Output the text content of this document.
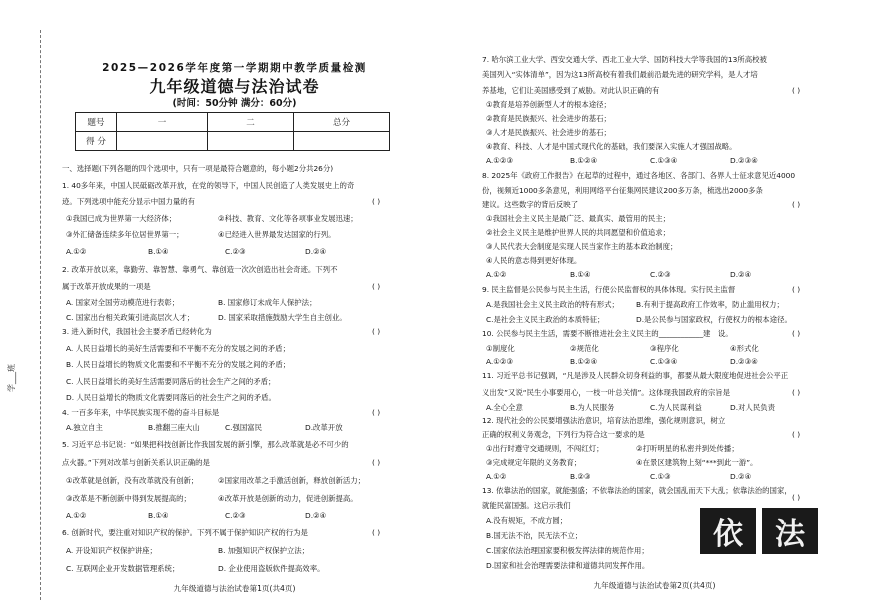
学___班
2025—2026学年度第一学期期中教学质量检测
九年级道德与法治试卷
(时间：50分钟 满分：60分)
题号	一	二	总分
得 分			
一、选择题(下列各题的四个选项中，只有一项是最符合题意的，每小题2分共26分)
1. 40多年来，中国人民砥砺改革开放，在党的领导下，中国人民创造了人类发展史上的奇
迹。下列选项中能充分显示中国力量的有	( )
①我国已成为世界第一大经济体；	②科技、教育、文化等各项事业发展迅速；
③外汇储备连续多年位居世界第一；	④已经进入世界最发达国家的行列。
A.①②	B.①④	C.②③	D.②④
2. 改革开放以来，靠勤劳、靠智慧、靠勇气、靠创造一次次创造出社会奇迹。下列不
属于改革开放成果的一项是	( )
A. 国家对全国劳动模范进行表彰；	B. 国家修订未成年人保护法；
C. 国家出台相关政策引进高层次人才；	D. 国家采取措施鼓励大学生自主创业。
3. 进入新时代，我国社会主要矛盾已经转化为	( )
A. 人民日益增长的美好生活需要和不平衡不充分的发展之间的矛盾；
B. 人民日益增长的物质文化需要和不平衡不充分的发展之间的矛盾；
C. 人民日益增长的美好生活需要同落后的社会生产之间的矛盾；
D. 人民日益增长的物质文化需要同落后的社会生产之间的矛盾。
4. 一百多年来，中华民族实现不倦的奋斗目标是	( )
A.独立自主	B.推翻三座大山	C.强国富民	D.改革开放
5. 习近平总书记说：“如果把科技创新比作我国发展的新引擎，那么改革就是必不可少的
点火器。”下列对改革与创新关系认识正确的是	( )
①改革就是创新，没有改革就没有创新；	②国家用改革之手激活创新，释放创新活力；
③改革是不断创新中得到发展提高的；	④改革开放是创新的动力，促进创新提高。
A.①②	B.①④	C.②③	D.②④
6. 创新时代，要注重对知识产权的保护。下列不属于保护知识产权的行为是	( )
A. 开设知识产权保护讲座；	B. 加强知识产权保护立法；
C. 互联网企业开发数据管理系统；	D. 企业使用盗版软件提高效率。
九年级道德与法治试卷第1页(共4页)
7. 哈尔滨工业大学、西安交通大学、西北工业大学、国防科技大学等我国的13所高校被
美国列入“实体清单”，因为这13所高校有着我们最前沿最先进的研究学科，是人才培
养基地，它们让美国感受到了威胁。对此认识正确的有	( )
①教育是培养创新型人才的根本途径；
②教育是民族振兴、社会进步的基石；
③人才是民族振兴、社会进步的基石；
④教育、科技、人才是中国式现代化的基础，我们要深入实施人才强国战略。
A.①②③	B.①②④	C.①③④	D.②③④
8. 2025年《政府工作报告》在起草的过程中，通过各地区、各部门、各界人士征求意见近4000
份，视频近1000多条意见，利用网络平台征集网民建议200多万条，梳选出2000多条
建议。这些数字的背后反映了	( )
①我国社会主义民主是最广泛、最真实、最管用的民主；
②社会主义民主是维护世界人民的共同愿望和价值追求；
③人民代表大会制度是实现人民当家作主的基本政治制度；
④人民的意志得到更好体现。
A.①②	B.①④	C.②③	D.②④
9. 民主监督是公民参与民主生活，行使公民监督权的具体体现。实行民主监督	( )
A.是我国社会主义民主政治的特有形式； B.有利于提高政府工作效率，防止滥用权力；
C.是社会主义民主政治的本质特征；	D.是公民参与国家政权，行使权力的根本途径。
10. 公民参与民主生活，需要不断推进社会主义民主的____________建　设。	( )
①制度化	②规范化	③程序化	④形式化
A.①②③	B.①②④	C.①③④	D.②③④
11. 习近平总书记强调，“凡是涉及人民群众切身利益的事，都要从最大限度地促进社会公平正
义出发”又说“民生小事要用心，一枝一叶总关情”。这体现我国政府的宗旨是	( )
A.全心全意	B.为人民服务	C.为人民谋利益	D.对人民负责
12. 现代社会的公民要增强法治意识，培育法治思维，强化规则意识，树立
正确的权利义务观念，下列行为符合这一要求的是	( )
①出行时遵守交通规则，不闯红灯；	②打听明星的私密并到处传播；
③完成规定年限的义务教育；	④在景区建筑物上刻“***到此一游”。
A.①②	B.②③	C.①③	D.②④
13. 依靠法治的国家，就能强盛；不依靠法治的国家，就会国乱而天下大乱；依靠法治的国家，
就能民富国强。这启示我们
( )
A.没有规矩，不成方圆；
B.国无法不治，民无法不立；
C.国家依法治理国家要积极发挥法律的规范作用；
D.国家和社会治理需要法律和道德共同发挥作用。
依	法
九年级道德与法治试卷第2页(共4页)
